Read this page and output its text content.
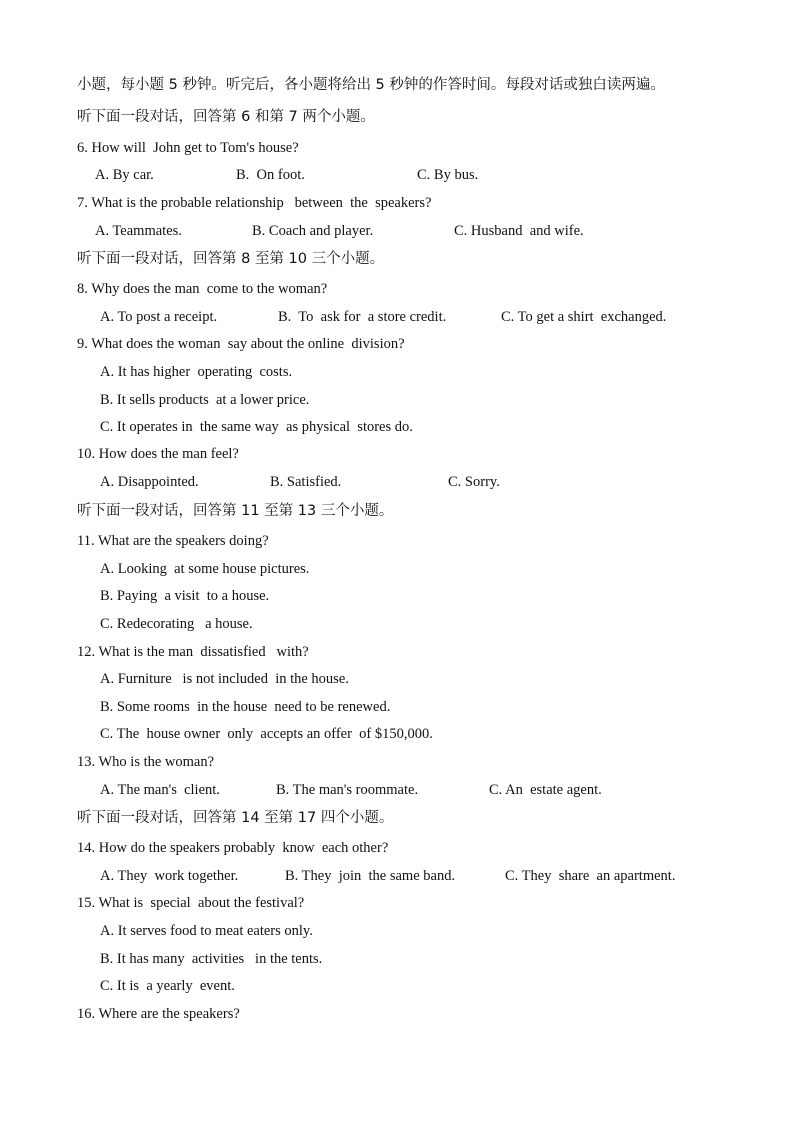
小题，每小题 5 秒钟。听完后，各小题将给出 5 秒钟的作答时间。每段对话或独白读两遍。
听下面一段对话，回答第 6 和第 7 两个小题。
6. How will  John get to Tom's house?
A. By car.	B.  On foot.	C. By bus.
7. What is the probable relationship   between  the  speakers?
A. Teammates.	B. Coach and player.	C. Husband  and wife.
听下面一段对话，回答第 8 至第 10 三个小题。
8. Why does the man  come to the woman?
A. To post a receipt.	B.  To  ask for  a store credit.	C. To get a shirt  exchanged.
9. What does the woman  say about the online  division?
A. It has higher  operating  costs.
B. It sells products  at a lower price.
C. It operates in  the same way  as physical  stores do.
10. How does the man feel?
A. Disappointed.	B. Satisfied.	C. Sorry.
听下面一段对话，回答第 11 至第 13 三个小题。
11. What are the speakers doing?
A. Looking  at some house pictures.
B. Paying  a visit  to a house.
C. Redecorating   a house.
12. What is the man  dissatisfied   with?
A. Furniture   is not included  in the house.
B. Some rooms  in the house  need to be renewed.
C. The  house owner  only  accepts an offer  of $150,000.
13. Who is the woman?
A. The man's  client.	B. The man's roommate.	C. An  estate agent.
听下面一段对话，回答第 14 至第 17 四个小题。
14. How do the speakers probably  know  each other?
A. They  work together.	B. They  join  the same band.	C. They  share  an apartment.
15. What is  special  about the festival?
A. It serves food to meat eaters only.
B. It has many  activities   in the tents.
C. It is  a yearly  event.
16. Where are the speakers?
